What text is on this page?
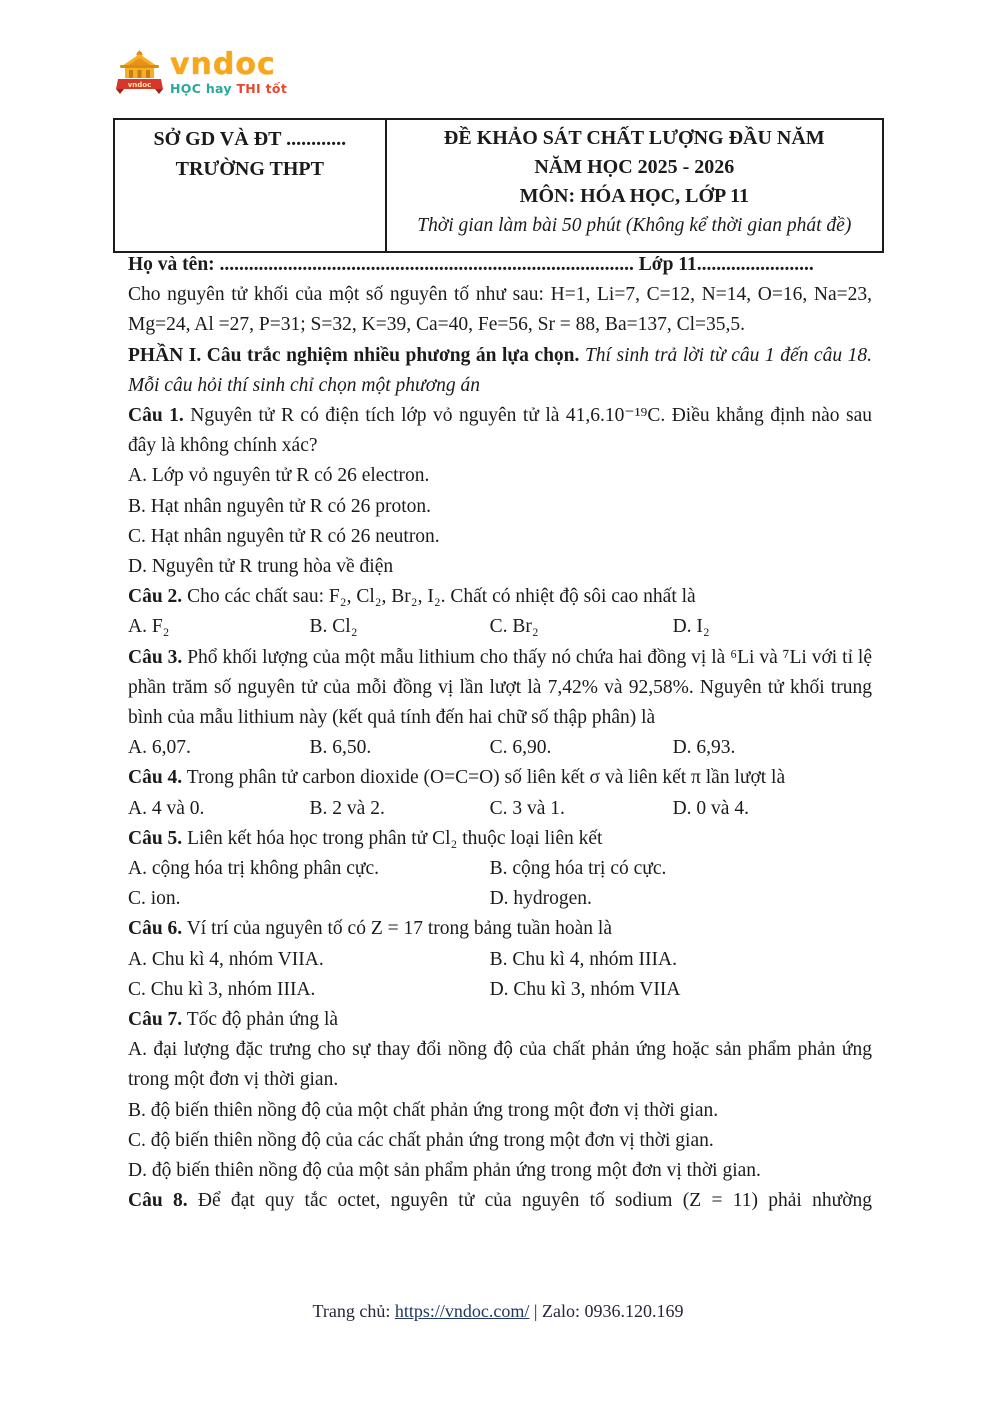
vndoc
vndoc
HỌC hay THI tốt
SỞ GD VÀ ĐT ............
TRƯỜNG THPT

ĐỀ KHẢO SÁT CHẤT LƯỢNG ĐẦU NĂM
NĂM HỌC 2025 - 2026
MÔN: HÓA HỌC, LỚP 11
Thời gian làm bài 50 phút (Không kể thời gian phát đề)

Họ và tên: ..................................................................................... Lớp 11........................

Cho nguyên tử khối của một số nguyên tố như sau: H=1, Li=7, C=12, N=14, O=16, Na=23, Mg=24, Al =27, P=31; S=32, K=39, Ca=40, Fe=56, Sr = 88, Ba=137, Cl=35,5.

PHẦN I. Câu trắc nghiệm nhiều phương án lựa chọn. Thí sinh trả lời từ câu 1 đến câu 18. Mỗi câu hỏi thí sinh chỉ chọn một phương án

Câu 1. Nguyên tử R có điện tích lớp vỏ nguyên tử là 41,6.10⁻¹⁹C. Điều khẳng định nào sau đây là không chính xác?

A. Lớp vỏ nguyên tử R có 26 electron.

B. Hạt nhân nguyên tử R có 26 proton.

C. Hạt nhân nguyên tử R có 26 neutron.

D. Nguyên tử R trung hòa về điện

Câu 2. Cho các chất sau: F₂, Cl₂, Br₂, I₂. Chất có nhiệt độ sôi cao nhất là

A. F₂	B. Cl₂	C. Br₂	D. I₂

Câu 3. Phổ khối lượng của một mẫu lithium cho thấy nó chứa hai đồng vị là ⁶Li và ⁷Li với tỉ lệ phần trăm số nguyên tử của mỗi đồng vị lần lượt là 7,42% và 92,58%. Nguyên tử khối trung bình của mẫu lithium này (kết quả tính đến hai chữ số thập phân) là

A. 6,07.	B. 6,50.	C. 6,90.	D. 6,93.

Câu 4. Trong phân tử carbon dioxide (O=C=O) số liên kết σ và liên kết π lần lượt là

A. 4 và 0.	B. 2 và 2.	C. 3 và 1.	D. 0 và 4.

Câu 5. Liên kết hóa học trong phân tử Cl₂ thuộc loại liên kết

A. cộng hóa trị không phân cực.	B. cộng hóa trị có cực.
C. ion.	D. hydrogen.

Câu 6. Ví trí của nguyên tố có Z = 17 trong bảng tuần hoàn là

A. Chu kì 4, nhóm VIIA.	B. Chu kì 4, nhóm IIIA.
C. Chu kì 3, nhóm IIIA.	D. Chu kì 3, nhóm VIIA

Câu 7. Tốc độ phản ứng là

A. đại lượng đặc trưng cho sự thay đổi nồng độ của chất phản ứng hoặc sản phẩm phản ứng trong một đơn vị thời gian.

B. độ biến thiên nồng độ của một chất phản ứng trong một đơn vị thời gian.

C. độ biến thiên nồng độ của các chất phản ứng trong một đơn vị thời gian.

D. độ biến thiên nồng độ của một sản phẩm phản ứng trong một đơn vị thời gian.

Câu 8. Để đạt quy tắc octet, nguyên tử của nguyên tố sodium (Z = 11) phải nhường

Trang chủ: https://vndoc.com/ | Zalo: 0936.120.169
